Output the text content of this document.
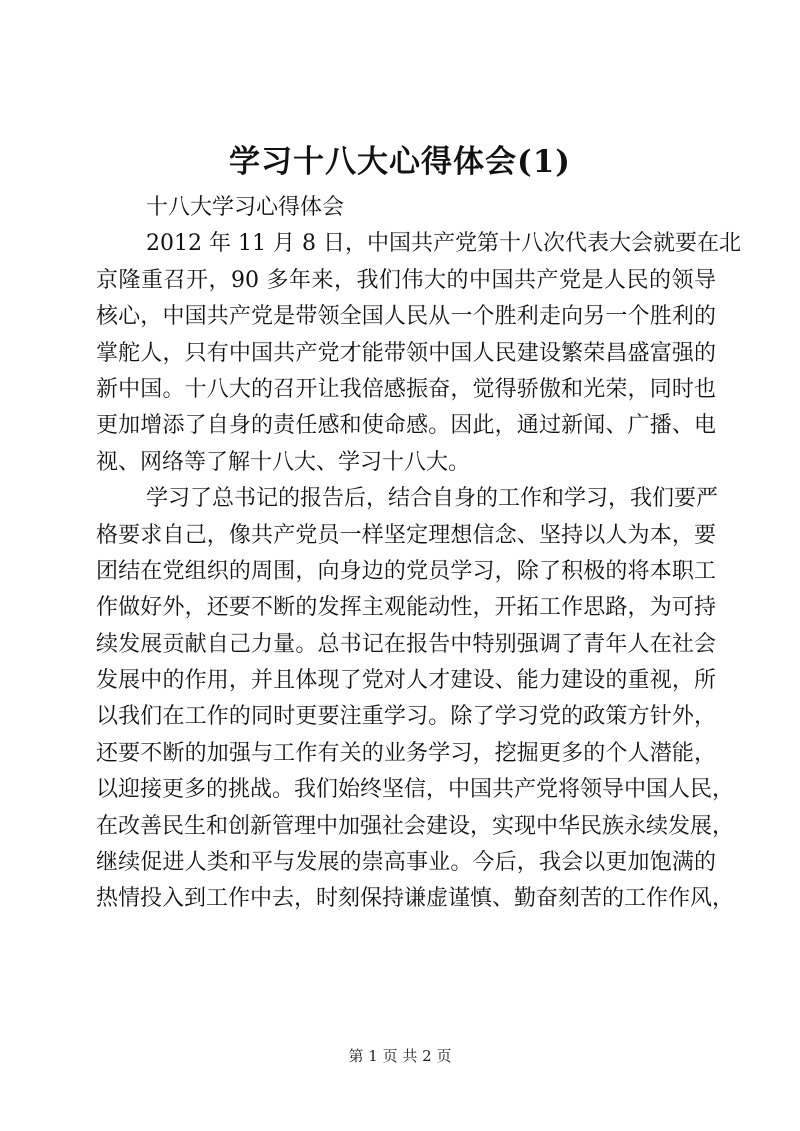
学习十八大心得体会(1)
十八大学习心得体会
2012 年 11 月 8 日，中国共产党第十八次代表大会就要在北
京隆重召开，90 多年来，我们伟大的中国共产党是人民的领导
核心，中国共产党是带领全国人民从一个胜利走向另一个胜利的
掌舵人，只有中国共产党才能带领中国人民建设繁荣昌盛富强的
新中国。十八大的召开让我倍感振奋，觉得骄傲和光荣，同时也
更加增添了自身的责任感和使命感。因此，通过新闻、广播、电
视、网络等了解十八大、学习十八大。
学习了总书记的报告后，结合自身的工作和学习，我们要严
格要求自己，像共产党员一样坚定理想信念、坚持以人为本，要
团结在党组织的周围，向身边的党员学习，除了积极的将本职工
作做好外，还要不断的发挥主观能动性，开拓工作思路，为可持
续发展贡献自己力量。总书记在报告中特别强调了青年人在社会
发展中的作用，并且体现了党对人才建设、能力建设的重视，所
以我们在工作的同时更要注重学习。除了学习党的政策方针外，
还要不断的加强与工作有关的业务学习，挖掘更多的个人潜能，
以迎接更多的挑战。我们始终坚信，中国共产党将领导中国人民，
在改善民生和创新管理中加强社会建设，实现中华民族永续发展，
继续促进人类和平与发展的崇高事业。今后，我会以更加饱满的
热情投入到工作中去，时刻保持谦虚谨慎、勤奋刻苦的工作作风，
第 1 页 共 2 页
